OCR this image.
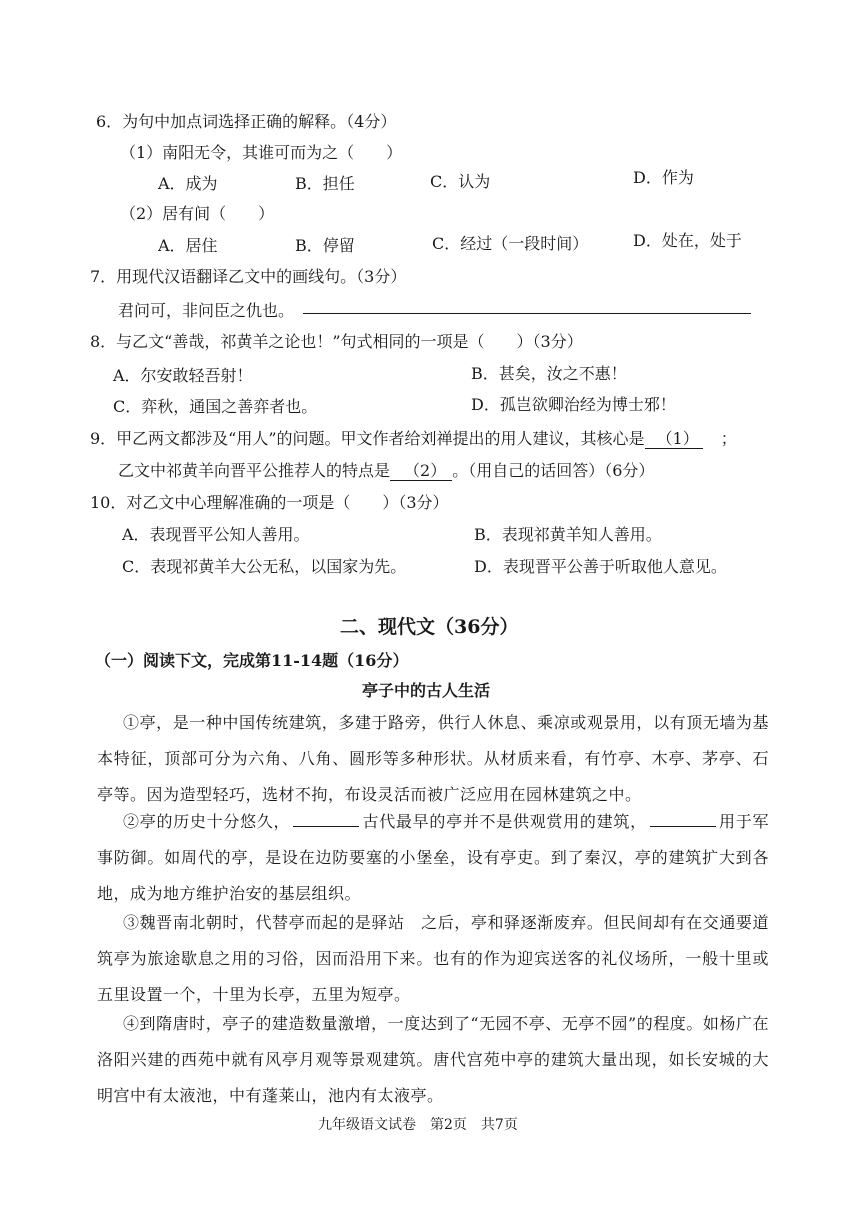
6．为句中加点词选择正确的解释。（4分）
（1）南阳无令，其谁可而为之（　　）
A．成为	B．担任	C．认为	D．作为
（2）居有间（　　）
A．居住	B．停留	C．经过（一段时间）	D．处在，处于
7．用现代汉语翻译乙文中的画线句。（3分）
君问可，非问臣之仇也。
8．与乙文“善哉，祁黄羊之论也！”句式相同的一项是（　　）（3分）
A．尔安敢轻吾射！	B．甚矣，汝之不惠！
C．弈秋，通国之善弈者也。	D．孤岂欲卿治经为博士邪！
9．甲乙两文都涉及“用人”的问题。甲文作者给刘禅提出的用人建议，其核心是 （1） ；
乙文中祁黄羊向晋平公推荐人的特点是 （2） 。（用自己的话回答）（6分）
10．对乙文中心理解准确的一项是（　　）（3分）
A．表现晋平公知人善用。	B．表现祁黄羊知人善用。
C．表现祁黄羊大公无私，以国家为先。	D．表现晋平公善于听取他人意见。
二、现代文（36分）
（一）阅读下文，完成第11-14题（16分）
亭子中的古人生活
①亭，是一种中国传统建筑，多建于路旁，供行人休息、乘凉或观景用，以有顶无墙为基本特征，顶部可分为六角、八角、圆形等多种形状。从材质来看，有竹亭、木亭、茅亭、石亭等。因为造型轻巧，选材不拘，布设灵活而被广泛应用在园林建筑之中。
②亭的历史十分悠久，	古代最早的亭并不是供观赏用的建筑，	用于军事防御。如周代的亭，是设在边防要塞的小堡垒，设有亭吏。到了秦汉，亭的建筑扩大到各地，成为地方维护治安的基层组织。
③魏晋南北朝时，代替亭而起的是驿站　之后，亭和驿逐渐废弃。但民间却有在交通要道筑亭为旅途歇息之用的习俗，因而沿用下来。也有的作为迎宾送客的礼仪场所，一般十里或五里设置一个，十里为长亭，五里为短亭。
④到隋唐时，亭子的建造数量激增，一度达到了“无园不亭、无亭不园”的程度。如杨广在洛阳兴建的西苑中就有风亭月观等景观建筑。唐代宫苑中亭的建筑大量出现，如长安城的大明宫中有太液池，中有蓬莱山，池内有太液亭。
九年级语文试卷　第2页　共7页
